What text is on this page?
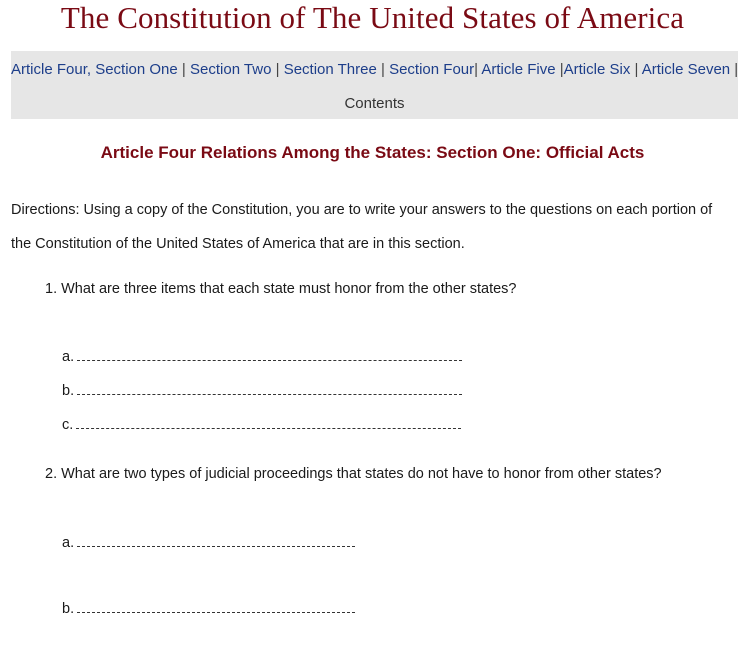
The Constitution of The United States of America
Article Four, Section One | Section Two | Section Three | Section Four| Article Five |Article Six | Article Seven |
Contents
Article Four Relations Among the States: Section One: Official Acts
Directions: Using a copy of the Constitution, you are to write your answers to the questions on each portion of the Constitution of the United States of America that are in this section.
1. What are three items that each state must honor from the other states?
a.
b.
c.
2. What are two types of judicial proceedings that states do not have to honor from other states?
a.
b.
